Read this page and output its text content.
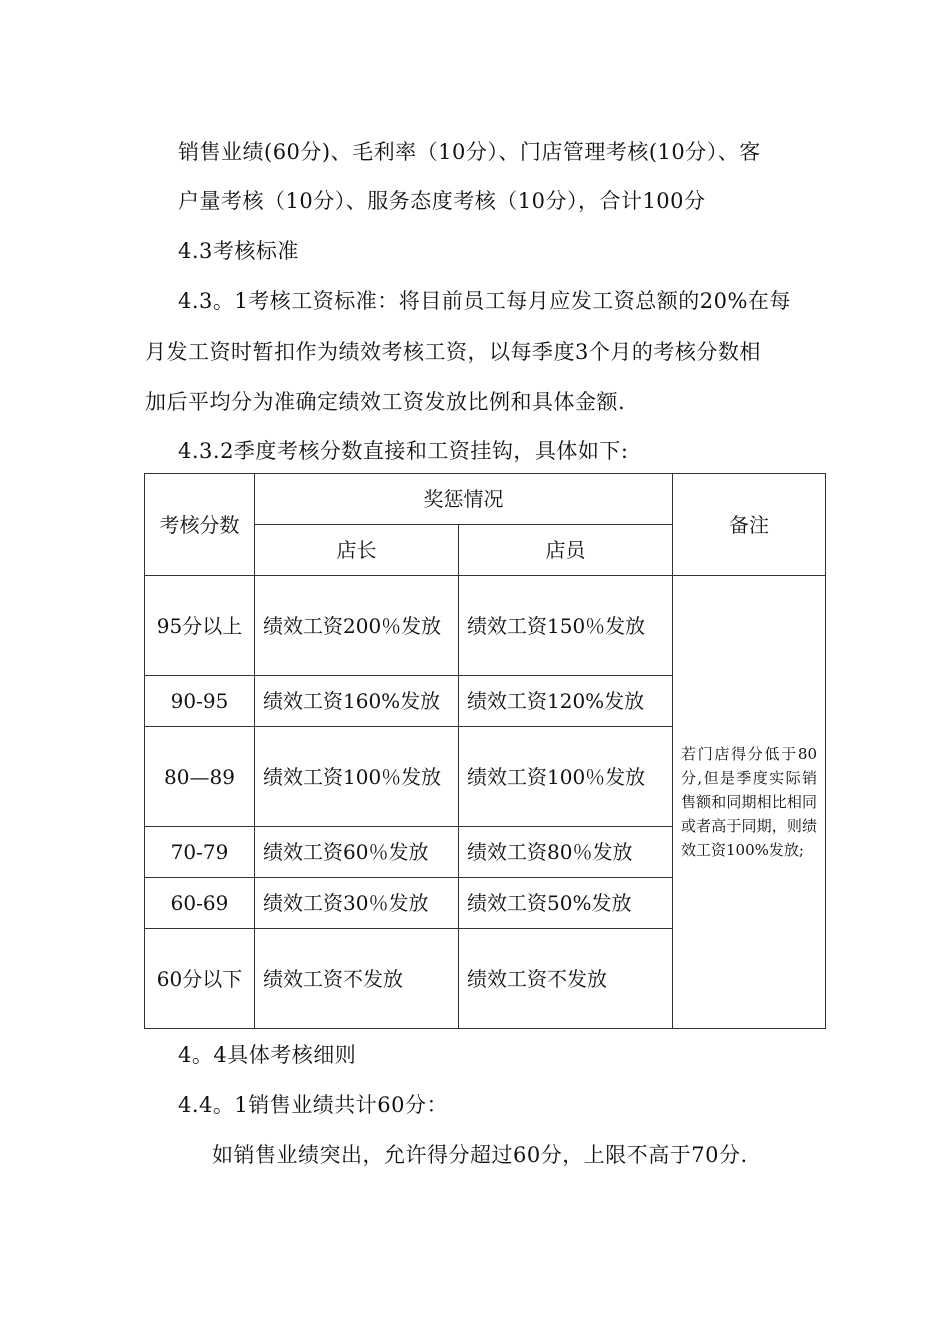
销售业绩(60分)、毛利率（10分）、门店管理考核(10分）、客
户量考核（10分）、服务态度考核（10分），合计100分
4.3考核标准
4.3。1考核工资标准：将目前员工每月应发工资总额的20%在每
月发工资时暂扣作为绩效考核工资，以每季度3个月的考核分数相
加后平均分为准确定绩效工资发放比例和具体金额.
4.3.2季度考核分数直接和工资挂钩，具体如下:
考核分数	奖惩情况		备注
	店长	店员	
95分以上	绩效工资200％发放	绩效工资150％发放	若门店得分低于80分,但是季度实际销售额和同期相比相同或者高于同期，则绩效工资100%发放;
90-95	绩效工资160%发放	绩效工资120%发放	
80—89	绩效工资100％发放	绩效工资100％发放	
70-79	绩效工资60％发放	绩效工资80％发放	
60-69	绩效工资30％发放	绩效工资50%发放	
60分以下	绩效工资不发放	绩效工资不发放	
4。4具体考核细则
4.4。1销售业绩共计60分：
如销售业绩突出，允许得分超过60分，上限不高于70分.
